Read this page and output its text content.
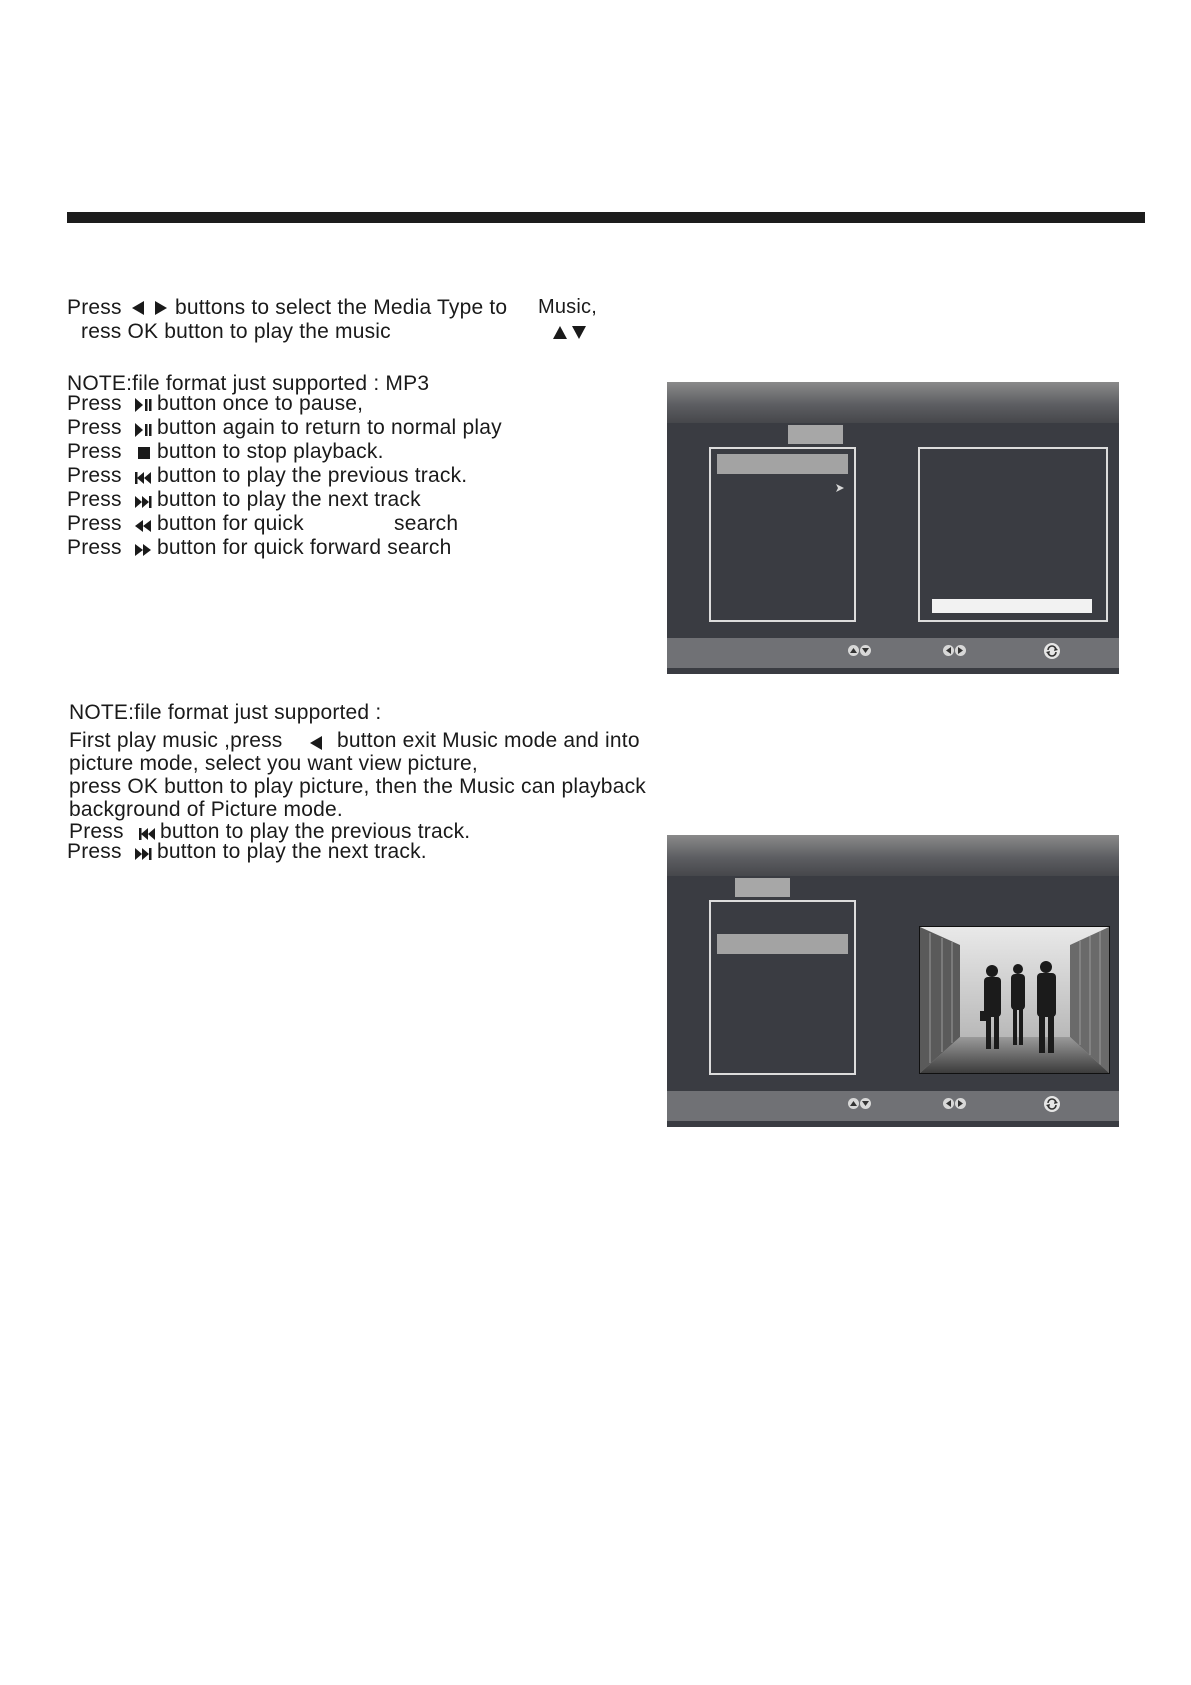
Press	buttons to select the Media Type to Music,
ress OK button to play the music
NOTE:file format just supported : MP3
Press button once to pause,
Press button again to return to normal play
Press button to stop playback.
Press button to play the previous track.
Press button to play the next track
Press button for quick	search
Press button for quick forward search
NOTE:file format just supported :
First play music ,press	button exit Music mode and into
picture mode, select you want view picture,
press OK button to play picture, then the Music can playback
background of Picture mode.
Press button to play the previous track.
Press button to play the next track.
